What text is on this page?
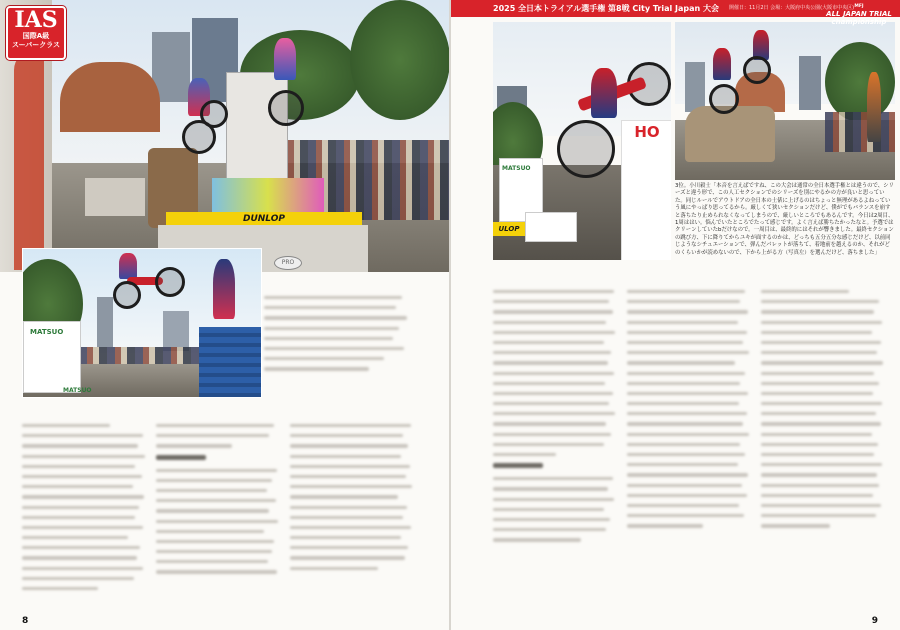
DUNLOP
IAS
国際A級
スーパークラス
MATSUO
MATSUO
PRO
8
2025 全日本トライアル選手権 第8戦 City Trial Japan 大会 開催日：11月2日 会場：大阪府中央公園(大阪市中央区)
MATSUO
ULOP
HO
MFJ
ALL JAPAN TRIAL
championship
3位。小川毅士「本音を言えばですね、この大会は通常の全日本選手権とは違うので、シリーズと違う形で、この人工セクションでのシリーズを別にやるかの方が良いと思っていた。同じルールでアウトドアの全日本の土俵に上げるのはちょっと無理があるよねっていう風にやっぱり思ってるから。厳しくて狭いセクションだけど、僕がでもバランスを崩すと落ちたり止められなくなってしまうので、厳しいところでもあるんです。今日は2周目、1周ははい。悩んでいたところでたって感じです。よく言えば勝ちたかったなと。予選ではクリーンしていたbだけなので。一周目は、最終的にはそれが響きました。最終セクションの跳び方、下に降りてからユキが面するのかは、どっちも五分五分な感じだけど、以前同じようなシチュエーションで、弾んだパレットが落ちて、着地前を越えるのか、それがどのくらいかが読めないので、下から上がる方（写真左）を選んだけど、落ちました」
9
